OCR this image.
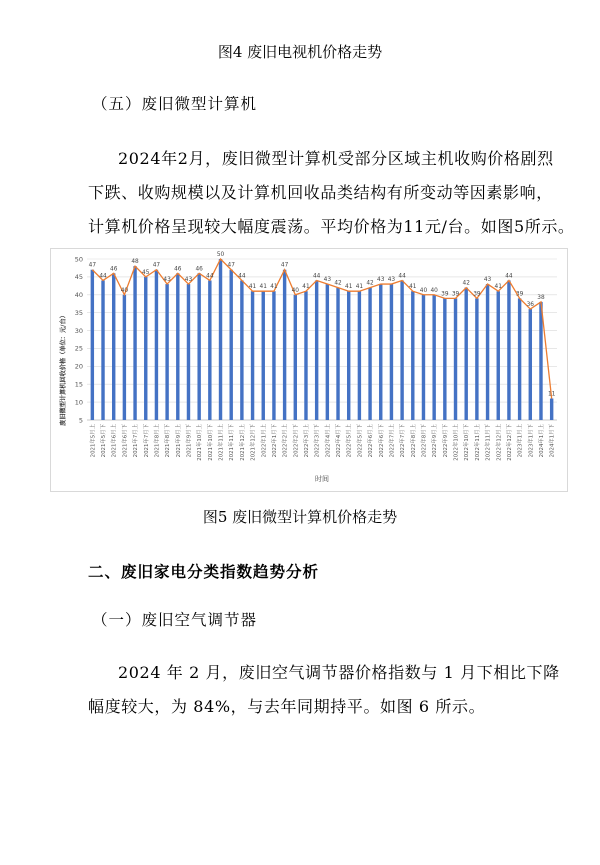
图4 废旧电视机价格走势
（五）废旧微型计算机
2024年2月，废旧微型计算机受部分区域主机收购价格剧烈
下跌、收购规模以及计算机回收品类结构有所变动等因素影响，
计算机价格呈现较大幅度震荡。平均价格为11元/台。如图5所示。
5
10
15
20
25
30
35
40
45
50
47
44
46
40
48
45
47
43
46
43
46
44
50
47
44
41 41 41
47
40
41
44
43
42
41 41
42
43 43
44
41
40 40
39 39
42
39
43
41
44
39
36
38
11
2021年5月上 2021年5月下 2021年6月上 2021年6月下 2021年7月上 2021年7月下 2021年8月上 2021年8月下 2021年9月上 2021年9月下 2021年10月上 2021年10月下 2021年11月上 2021年11月下 2021年12月上 2021年12月下 2022年1月上 2022年1月下 2022年2月上 2022年2月下 2022年3月上 2022年3月下 2022年4月上 2022年4月下 2022年5月上 2022年5月下 2022年6月上 2022年6月下 2022年7月上 2022年7月下 2022年8月上 2022年8月下 2022年9月上 2022年9月下 2022年10月上 2022年10月下 2022年11月上 2022年11月下 2022年12月上 2022年12月下 2023年1月上 2023年1月下 2024年1月上 2024年1月下
废旧微型计算机回收价格（单位：元/台）
时间
图5 废旧微型计算机价格走势
二、废旧家电分类指数趋势分析
（一）废旧空气调节器
2024 年 2 月，废旧空气调节器价格指数与 1 月下相比下降
幅度较大，为 84%，与去年同期持平。如图 6 所示。
